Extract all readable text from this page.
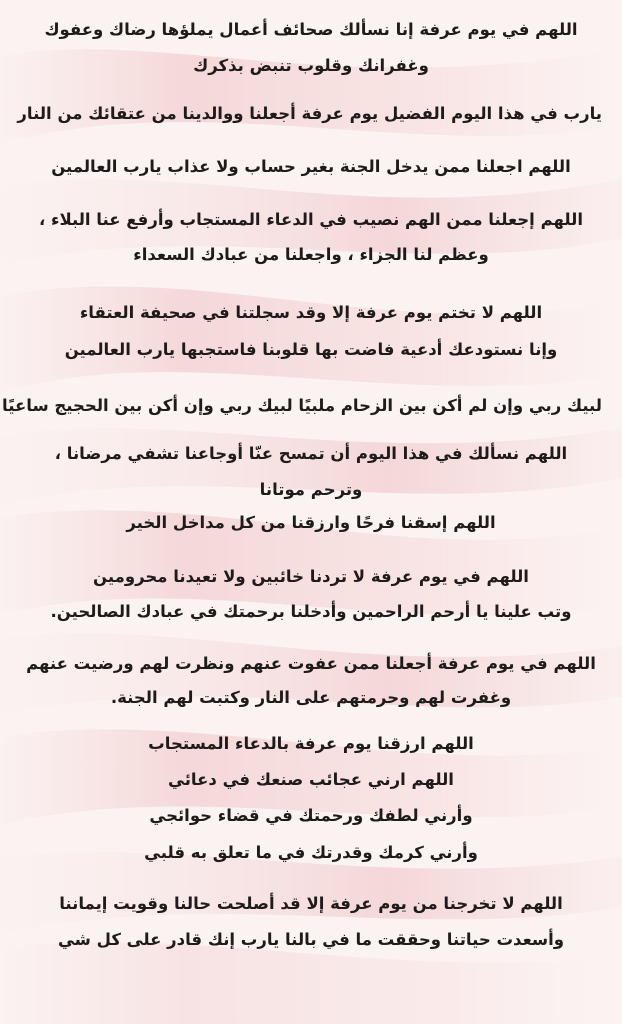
اللهم في يوم عرفة إنا نسألك صحائف أعمال يملؤها رضاك وعفوك
وغفرانك وقلوب تنبض بذكرك
يارب في هذا اليوم الفضيل يوم عرفة أجعلنا ووالدينا من عتقائك من النار
اللهم اجعلنا ممن يدخل الجنة بغير حساب ولا عذاب يارب العالمين
اللهم إجعلنا ممن الهم نصيب في الدعاء المستجاب وأرفع عنا البلاء ،
وعظم لنا الجزاء ، واجعلنا من عبادك السعداء
اللهم لا تختم يوم عرفة إلا وقد سجلتنا في صحيفة العتقاء
وإنا نستودعك أدعية فاضت بها قلوبنا فاستجبها يارب العالمين
لبيك ربي وإن لم أكن بين الزحام ملبيًا لبيك ربي وإن أكن بين الحجيج ساعيًا
اللهم نسألك في هذا اليوم أن تمسح عنّا أوجاعنا تشفي مرضانا ،
وترحم موتانا
اللهم إسقنا فرحًا وارزقنا من كل مداخل الخير
اللهم في يوم عرفة لا تردنا خائبين ولا تعيدنا محرومين
وتب علينا يا أرحم الراحمين وأدخلنا برحمتك في عبادك الصالحين.
اللهم في يوم عرفة أجعلنا ممن عفوت عنهم ونظرت لهم ورضيت عنهم
وغفرت لهم وحرمتهم على النار وكتبت لهم الجنة.
اللهم ارزقنا يوم عرفة بالدعاء المستجاب
اللهم ارني عجائب صنعك في دعائي
وأرني لطفك ورحمتك في قضاء حوائجي
وأرني كرمك وقدرتك في ما تعلق به قلبي
اللهم لا تخرجنا من يوم عرفة إلا قد أصلحت حالنا وقويت إيماننا
وأسعدت حياتنا وحققت ما في بالنا يارب إنك قادر على كل شي
